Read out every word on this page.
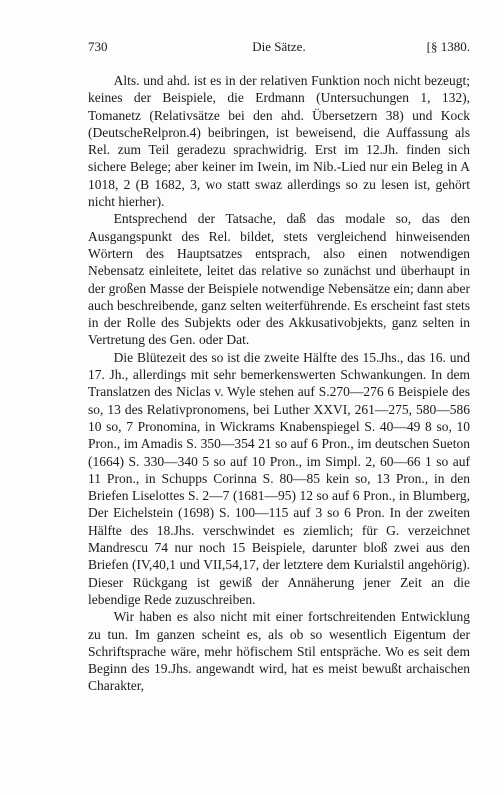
730	Die Sätze.	[§ 1380.

Alts. und ahd. ist es in der relativen Funktion noch nicht bezeugt; keines der Beispiele, die Erdmann (Untersuchungen 1, 132), Tomanetz (Relativsätze bei den ahd. Übersetzern 38) und Kock (DeutscheRelpron.4) beibringen, ist beweisend, die Auffassung als Rel. zum Teil geradezu sprachwidrig. Erst im 12.Jh. finden sich sichere Belege; aber keiner im Iwein, im Nib.-Lied nur ein Beleg in A 1018, 2 (B 1682, 3, wo statt swaz allerdings so zu lesen ist, gehört nicht hierher).

Entsprechend der Tatsache, daß das modale so, das den Ausgangspunkt des Rel. bildet, stets vergleichend hinweisenden Wörtern des Hauptsatzes entsprach, also einen notwendigen Nebensatz einleitete, leitet das relative so zunächst und überhaupt in der großen Masse der Beispiele notwendige Nebensätze ein; dann aber auch beschreibende, ganz selten weiterführende. Es erscheint fast stets in der Rolle des Subjekts oder des Akkusativobjekts, ganz selten in Vertretung des Gen. oder Dat.

Die Blütezeit des so ist die zweite Hälfte des 15.Jhs., das 16. und 17. Jh., allerdings mit sehr bemerkenswerten Schwankungen. In dem Translatzen des Niclas v. Wyle stehen auf S.270—276 6 Beispiele des so, 13 des Relativpronomens, bei Luther XXVI, 261—275, 580—586 10 so, 7 Pronomina, in Wickrams Knabenspiegel S. 40—49 8 so, 10 Pron., im Amadis S. 350—354 21 so auf 6 Pron., im deutschen Sueton (1664) S. 330—340 5 so auf 10 Pron., im Simpl. 2, 60—66 1 so auf 11 Pron., in Schupps Corinna S. 80—85 kein so, 13 Pron., in den Briefen Liselottes S. 2—7 (1681—95) 12 so auf 6 Pron., in Blumberg, Der Eichelstein (1698) S. 100—115 auf 3 so 6 Pron. In der zweiten Hälfte des 18.Jhs. verschwindet es ziemlich; für G. verzeichnet Mandrescu 74 nur noch 15 Beispiele, darunter bloß zwei aus den Briefen (IV,40,1 und VII,54,17, der letztere dem Kurialstil angehörig). Dieser Rückgang ist gewiß der Annäherung jener Zeit an die lebendige Rede zuzuschreiben.

Wir haben es also nicht mit einer fortschreitenden Entwicklung zu tun. Im ganzen scheint es, als ob so wesentlich Eigentum der Schriftsprache wäre, mehr höfischem Stil entspräche. Wo es seit dem Beginn des 19.Jhs. angewandt wird, hat es meist bewußt archaischen Charakter,
